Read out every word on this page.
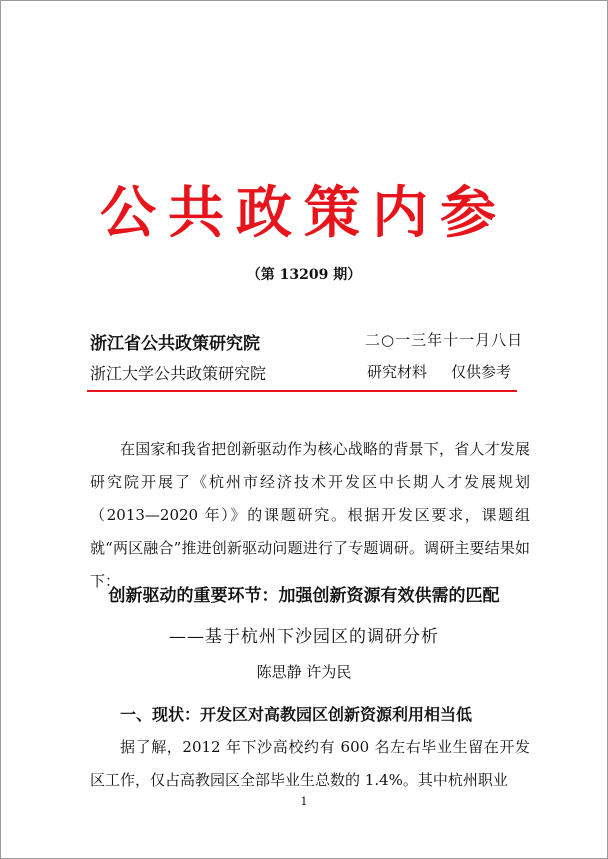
公共政策内参
（第 13209 期）
浙江省公共政策研究院	二○一三年十一月八日
浙江大学公共政策研究院	研究材料 仅供参考

在国家和我省把创新驱动作为核心战略的背景下，省人才发展研究院开展了《杭州市经济技术开发区中长期人才发展规划（2013—2020 年）》的课题研究。根据开发区要求，课题组就“两区融合”推进创新驱动问题进行了专题调研。调研主要结果如下：

创新驱动的重要环节：加强创新资源有效供需的匹配
——基于杭州下沙园区的调研分析
陈思静 许为民
一、现状：开发区对高教园区创新资源利用相当低

据了解，2012 年下沙高校约有 600 名左右毕业生留在开发区工作，仅占高教园区全部毕业生总数的 1.4%。其中杭州职业

1
